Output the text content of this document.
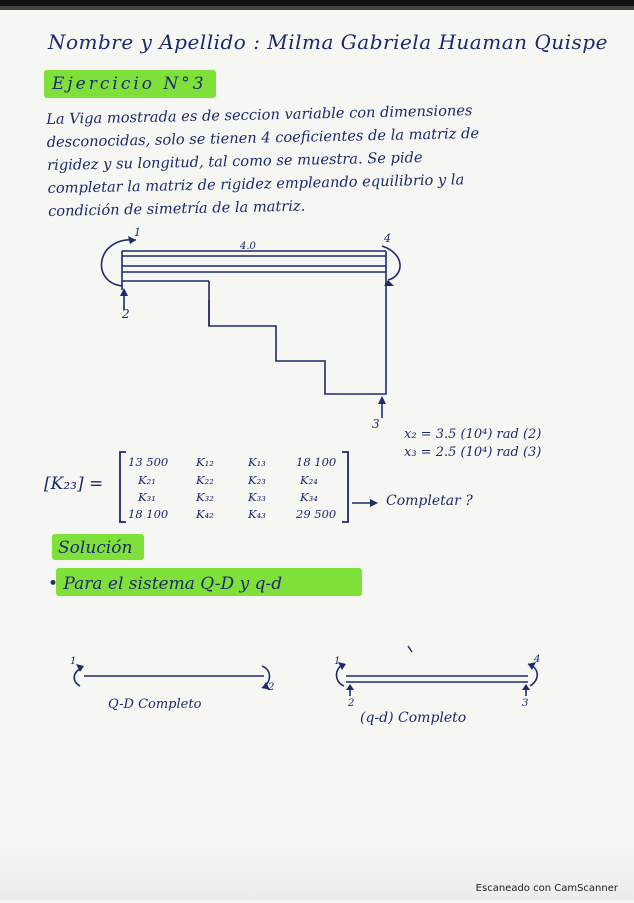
Nombre y Apellido : Milma Gabriela Huaman Quispe
Ejercicio N°3
La Viga mostrada es de seccion variable con dimensiones
desconocidas, solo se tienen 4 coeficientes de la matriz de
rigidez y su longitud, tal como se muestra. Se pide
completar la matriz de rigidez empleando equilibrio y la
condición de simetría de la matriz.
4.0
1
2
3
4
x₂ = 3.5 (10⁴) rad (2)
x₃ = 2.5 (10⁴) rad (3)
[K₂₃] =
13 500 K₁₂	K₁₃	18 100
K₂₁	K₂₂	K₂₃	K₂₄
K₃₁	K₃₂	K₃₃	K₃₄
18 100 K₄₂	K₄₃	29 500
Completar ?
Solución
• Para el sistema Q-D y q-d
1
2
Q-D Completo
1
2	3
4
(q-d) Completo
Escaneado con CamScanner
